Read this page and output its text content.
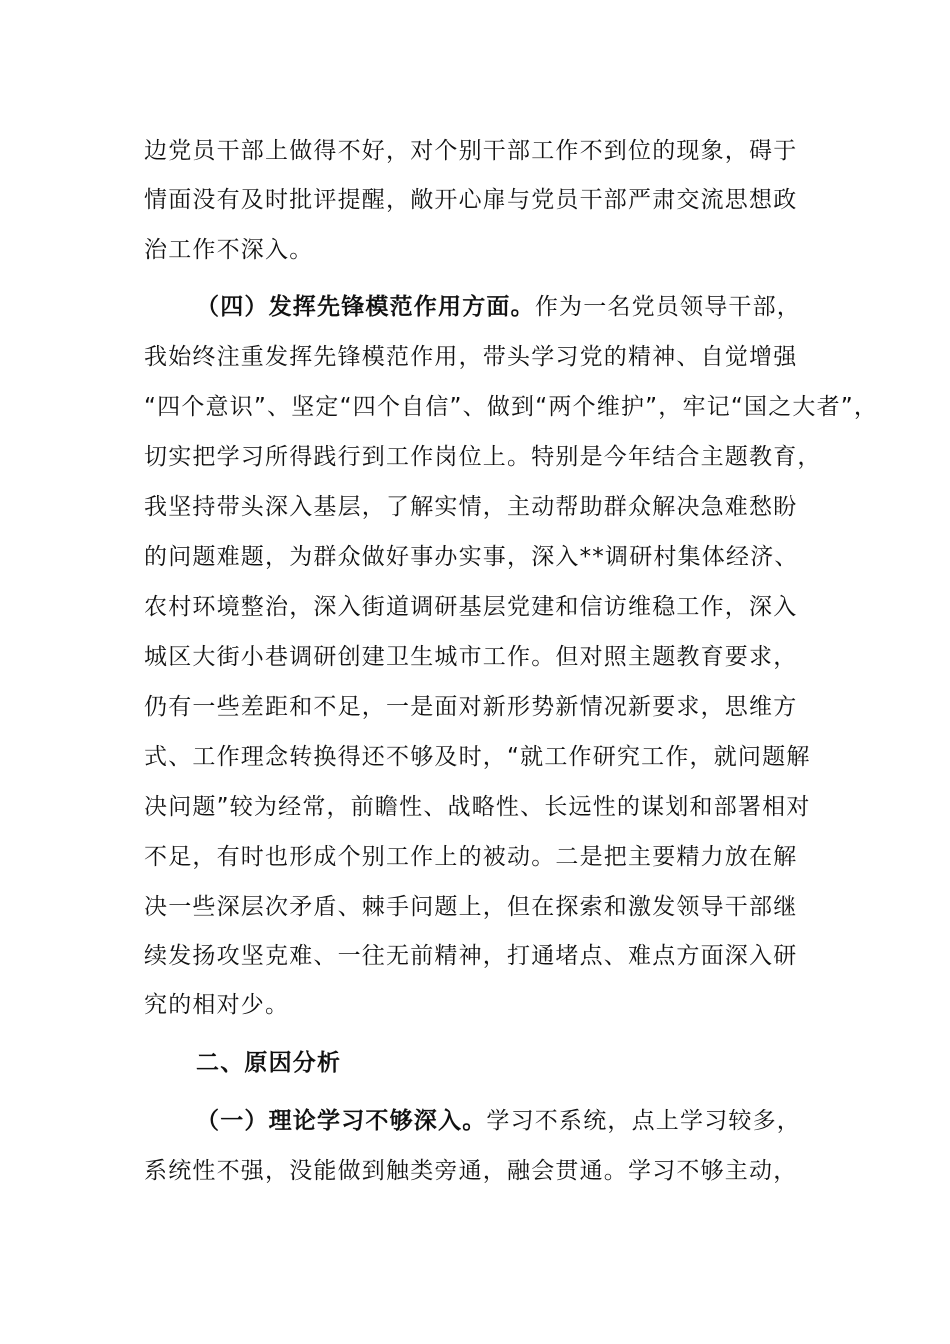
边党员干部上做得不好，对个别干部工作不到位的现象，碍于
情面没有及时批评提醒，敞开心扉与党员干部严肃交流思想政
治工作不深入。
（四）发挥先锋模范作用方面。作为一名党员领导干部，
我始终注重发挥先锋模范作用，带头学习党的精神、自觉增强
“四个意识”、坚定“四个自信”、做到“两个维护”，牢记“国之大者”，
切实把学习所得践行到工作岗位上。特别是今年结合主题教育，
我坚持带头深入基层，了解实情，主动帮助群众解决急难愁盼
的问题难题，为群众做好事办实事，深入**调研村集体经济、
农村环境整治，深入街道调研基层党建和信访维稳工作，深入
城区大街小巷调研创建卫生城市工作。但对照主题教育要求，
仍有一些差距和不足，一是面对新形势新情况新要求，思维方
式、工作理念转换得还不够及时，“就工作研究工作，就问题解
决问题”较为经常，前瞻性、战略性、长远性的谋划和部署相对
不足，有时也形成个别工作上的被动。二是把主要精力放在解
决一些深层次矛盾、棘手问题上，但在探索和激发领导干部继
续发扬攻坚克难、一往无前精神，打通堵点、难点方面深入研
究的相对少。
二、原因分析
（一）理论学习不够深入。学习不系统，点上学习较多，
系统性不强，没能做到触类旁通，融会贯通。学习不够主动，
